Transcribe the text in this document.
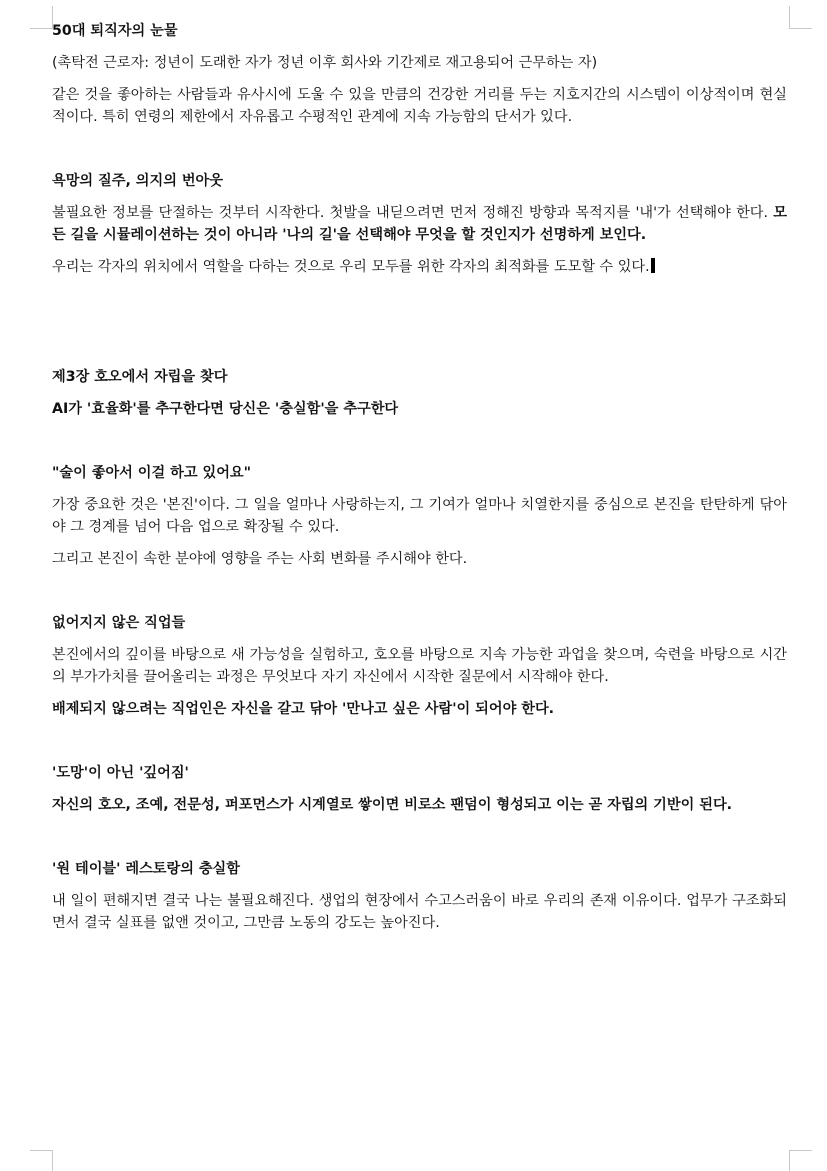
50대 퇴직자의 눈물

(촉탁전 근로자: 정년이 도래한 자가 정년 이후 회사와 기간제로 재고용되어 근무하는 자)

같은 것을 좋아하는 사람들과 유사시에 도울 수 있을 만큼의 건강한 거리를 두는 지호지간의 시스템이 이상적이며 현실적이다. 특히 연령의 제한에서 자유롭고 수평적인 관계에 지속 가능함의 단서가 있다.

욕망의 질주, 의지의 번아웃

불필요한 정보를 단절하는 것부터 시작한다. 첫발을 내딛으려면 먼저 정해진 방향과 목적지를 '내'가 선택해야 한다. 모든 길을 시뮬레이션하는 것이 아니라 '나의 길'을 선택해야 무엇을 할 것인지가 선명하게 보인다.

우리는 각자의 위치에서 역할을 다하는 것으로 우리 모두를 위한 각자의 최적화를 도모할 수 있다.

제3장 호오에서 자립을 찾다

AI가 '효율화'를 추구한다면 당신은 '충실함'을 추구한다

"술이 좋아서 이걸 하고 있어요"

가장 중요한 것은 '본진'이다. 그 일을 얼마나 사랑하는지, 그 기여가 얼마나 치열한지를 중심으로 본진을 탄탄하게 닦아야 그 경계를 넘어 다음 업으로 확장될 수 있다.

그리고 본진이 속한 분야에 영향을 주는 사회 변화를 주시해야 한다.

없어지지 않은 직업들

본진에서의 깊이를 바탕으로 새 가능성을 실험하고, 호오를 바탕으로 지속 가능한 과업을 찾으며, 숙련을 바탕으로 시간의 부가가치를 끌어올리는 과정은 무엇보다 자기 자신에서 시작한 질문에서 시작해야 한다.

배제되지 않으려는 직업인은 자신을 갈고 닦아 '만나고 싶은 사람'이 되어야 한다.

'도망'이 아닌 '깊어짐'

자신의 호오, 조예, 전문성, 퍼포먼스가 시계열로 쌓이면 비로소 팬덤이 형성되고 이는 곧 자립의 기반이 된다.

'원 테이블' 레스토랑의 충실함

내 일이 편해지면 결국 나는 불필요해진다. 생업의 현장에서 수고스러움이 바로 우리의 존재 이유이다. 업무가 구조화되면서 결국 실표를 없앤 것이고, 그만큼 노동의 강도는 높아진다.
